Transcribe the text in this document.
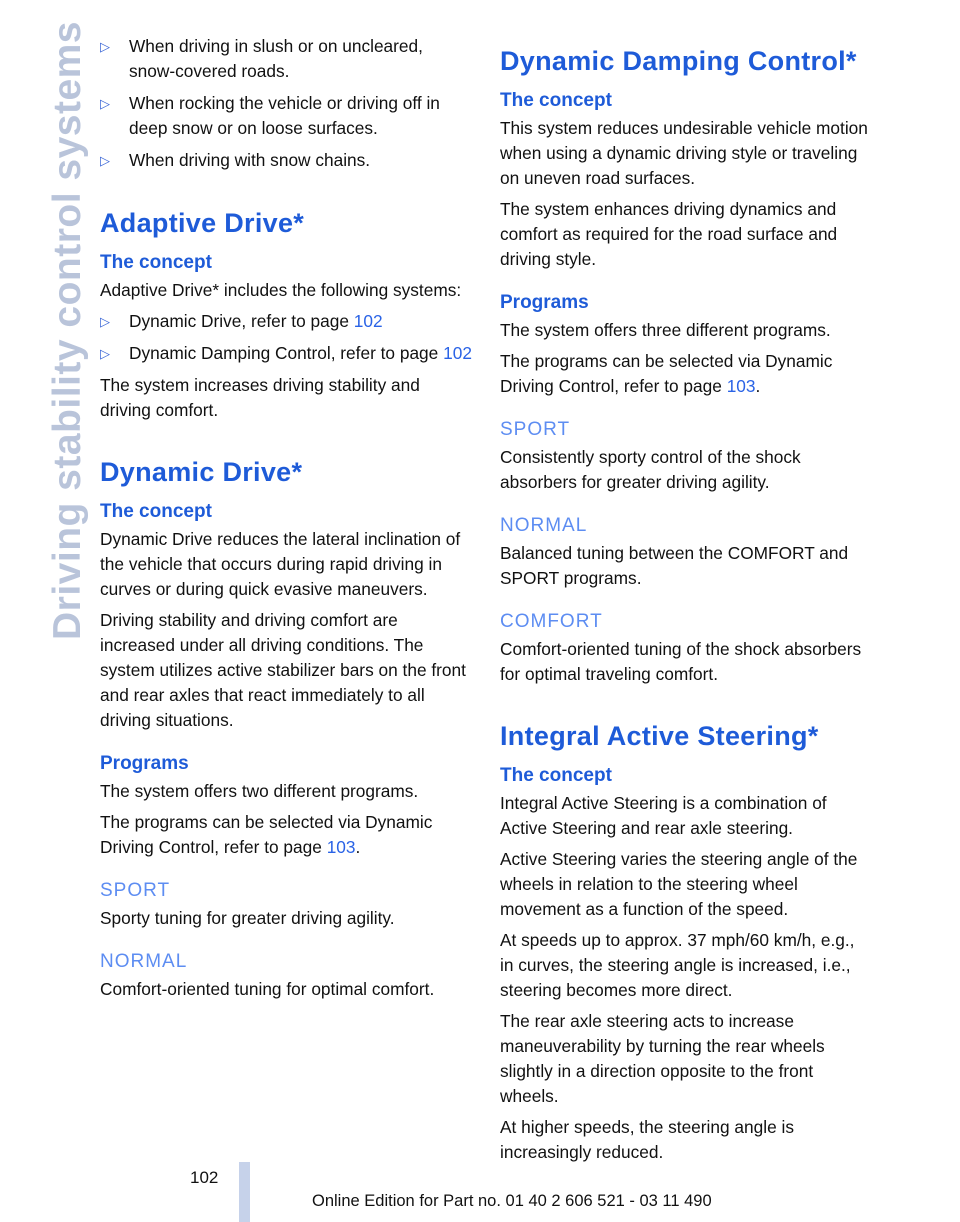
Driving stability control systems ▷ When driving in slush or on uncleared, snow-covered roads.
▷ When rocking the vehicle or driving off in deep snow or on loose surfaces.
▷ When driving with snow chains.
Adaptive Drive*
The concept

Adaptive Drive* includes the following systems:

▷ Dynamic Drive, refer to page 102
▷ Dynamic Damping Control, refer to page 102

The system increases driving stability and driving comfort.

Dynamic Drive*
The concept

Dynamic Drive reduces the lateral inclination of the vehicle that occurs during rapid driving in curves or during quick evasive maneuvers.

Driving stability and driving comfort are increased under all driving conditions. The system utilizes active stabilizer bars on the front and rear axles that react immediately to all driving situations.

Programs

The system offers two different programs.

The programs can be selected via Dynamic Driving Control, refer to page 103.

SPORT

Sporty tuning for greater driving agility.

NORMAL

Comfort-oriented tuning for optimal comfort.

Dynamic Damping Control*
The concept

This system reduces undesirable vehicle motion when using a dynamic driving style or traveling on uneven road surfaces.

The system enhances driving dynamics and comfort as required for the road surface and driving style.

Programs

The system offers three different programs.

The programs can be selected via Dynamic Driving Control, refer to page 103.

SPORT

Consistently sporty control of the shock absorbers for greater driving agility.

NORMAL

Balanced tuning between the COMFORT and SPORT programs.

COMFORT

Comfort-oriented tuning of the shock absorbers for optimal traveling comfort.

Integral Active Steering*
The concept

Integral Active Steering is a combination of Active Steering and rear axle steering.

Active Steering varies the steering angle of the wheels in relation to the steering wheel movement as a function of the speed.

At speeds up to approx. 37 mph/60 km/h, e.g., in curves, the steering angle is increased, i.e., steering becomes more direct.

The rear axle steering acts to increase maneuverability by turning the rear wheels slightly in a direction opposite to the front wheels.

At higher speeds, the steering angle is increasingly reduced.

102
Online Edition for Part no. 01 40 2 606 521 - 03 11 490
